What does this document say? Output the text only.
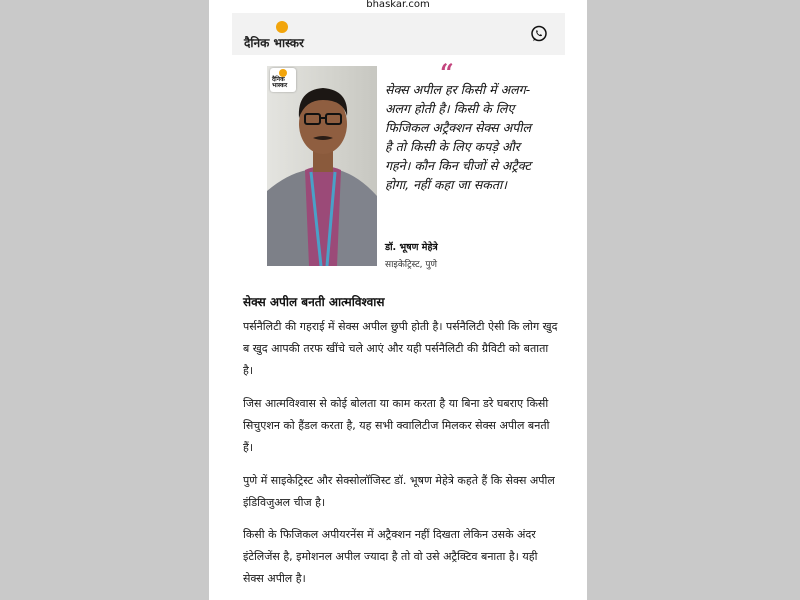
bhaskar.com
दैनिक भास्कर
दैनिक भास्कर	“
सेक्स अपील हर किसी में अलग-अलग होती है। किसी के लिए फिजिकल अट्रैक्शन सेक्स अपील है तो किसी के लिए कपड़े और गहने। कौन किन चीजों से अट्रैक्ट होगा, नहीं कहा जा सकता।
डॉ. भूषण मेहेत्रे
साइकेट्रिस्ट, पुणे
सेक्स अपील बनती आत्मविश्वास
पर्सनैलिटी की गहराई में सेक्स अपील छुपी होती है। पर्सनैलिटी ऐसी कि लोग खुद ब खुद आपकी तरफ खींचे चले आएं और यही पर्सनैलिटी की ग्रैविटी को बताता है।
जिस आत्मविश्वास से कोई बोलता या काम करता है या बिना डरे घबराए किसी सिचुएशन को हैंडल करता है, यह सभी क्वालिटीज मिलकर सेक्स अपील बनती हैं।
पुणे में साइकेट्रिस्ट और सेक्सोलॉजिस्ट डॉ. भूषण मेहेत्रे कहते हैं कि सेक्स अपील इंडिविजुअल चीज है।
किसी के फिजिकल अपीयरनेंस में अट्रैक्शन नहीं दिखता लेकिन उसके अंदर इंटेलिजेंस है, इमोशनल अपील ज्यादा है तो वो उसे अट्रैक्टिव बनाता है। यही सेक्स अपील है।
